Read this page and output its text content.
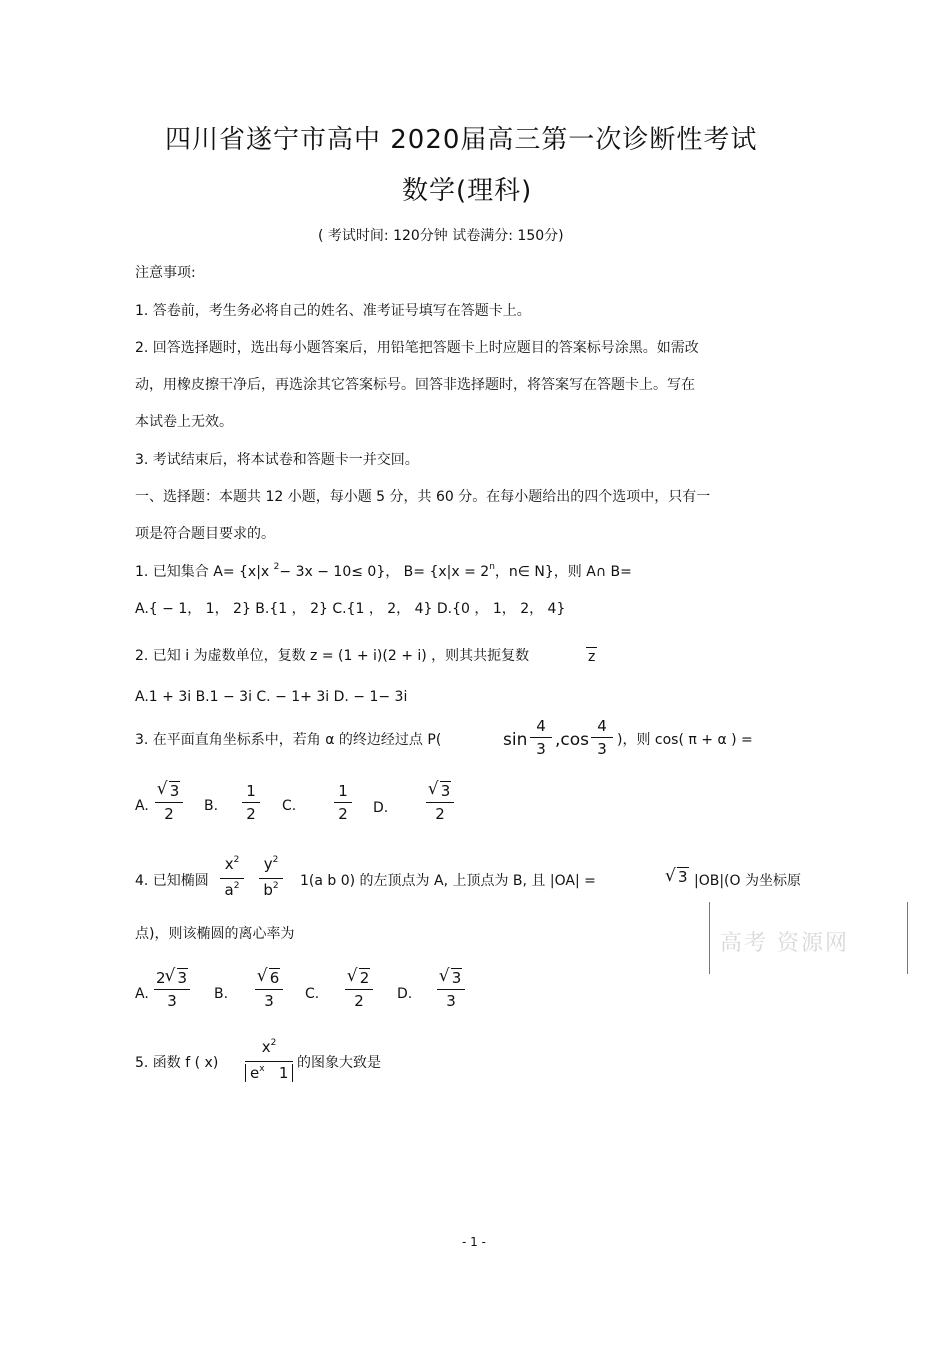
四川省遂宁市高中 2020届高三第一次诊断性考试
数学(理科)
( 考试时间: 120分钟 试卷满分: 150分)
注意事项:
1. 答卷前，考生务必将自己的姓名、准考证号填写在答题卡上。
2. 回答选择题时，选出每小题答案后，用铅笔把答题卡上时应题目的答案标号涂黑。如需改
动，用橡皮擦干净后，再选涂其它答案标号。回答非选择题时，将答案写在答题卡上。写在
本试卷上无效。
3. 考试结束后，将本试卷和答题卡一并交回。
一、选择题：本题共 12 小题，每小题 5 分，共 60 分。在每小题给出的四个选项中，只有一
项是符合题目要求的。
1. 已知集合 A= {x|x $^2$− 3x − 10≤ 0}， $B= \{x|x = 2^n$，n∈ N}，则 A∩ B=
A.{ − 1， 1， 2} B.{1 ， 2} C.{1 ， 2， 4} D.{0 ， 1， 2， 4}
2. 已知 i 为虚数单位，复数 z = (1 + i)(2 + i) ，则其共扼复数	z
A.1 + 3i B.1 − 3i C. − 1+ 3i D. − 1− 3i
3. 在平面直角坐标系中，若角 α 的终边经过点 P(	sin
4
3 ,cos
4
3 )，则 cos( π + α ) =
A.
√ 3
2	B.
1
2	C.
1
2	D.
√ 3
2
4. 已知椭圆
$x^2$
$a^2$
$y^2$
$b^2$	1(a b 0) 的左顶点为 A, 上顶点为 B, 且 |OA| =	√ 3 |OB|(O 为坐标原
点)，则该椭圆的离心率为
A.
2 √ 3
3	B.
√ 6
3	C.
√ 2
2	D.
√ 3
3
5. 函数 f ( x)
$x^2$
$e^x$ 1
的图象大致是
高考 资源网
- 1 -
